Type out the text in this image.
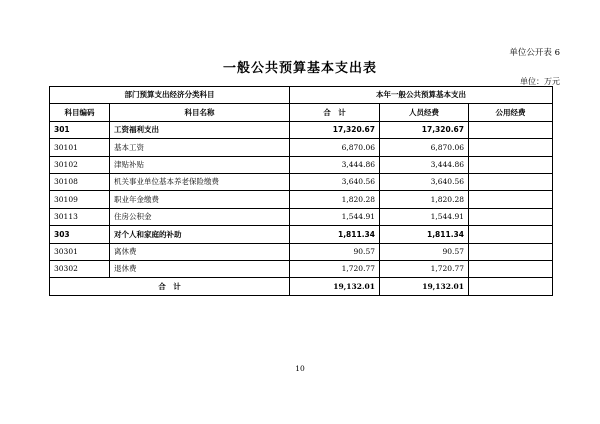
单位公开表 6
一般公共预算基本支出表
单位：万元
部门预算支出经济分类科目		本年一般公共预算基本支出		
科目编码	科目名称	合　计	人员经费	公用经费
301	工资福利支出	17,320.67	17,320.67	
30101	基本工资	6,870.06	6,870.06	
30102	津贴补贴	3,444.86	3,444.86	
30108	机关事业单位基本养老保险缴费	3,640.56	3,640.56	
30109	职业年金缴费	1,820.28	1,820.28	
30113	住房公积金	1,544.91	1,544.91	
303	对个人和家庭的补助	1,811.34	1,811.34	
30301	离休费	90.57	90.57	
30302	退休费	1,720.77	1,720.77	
合　计		19,132.01	19,132.01	
10
